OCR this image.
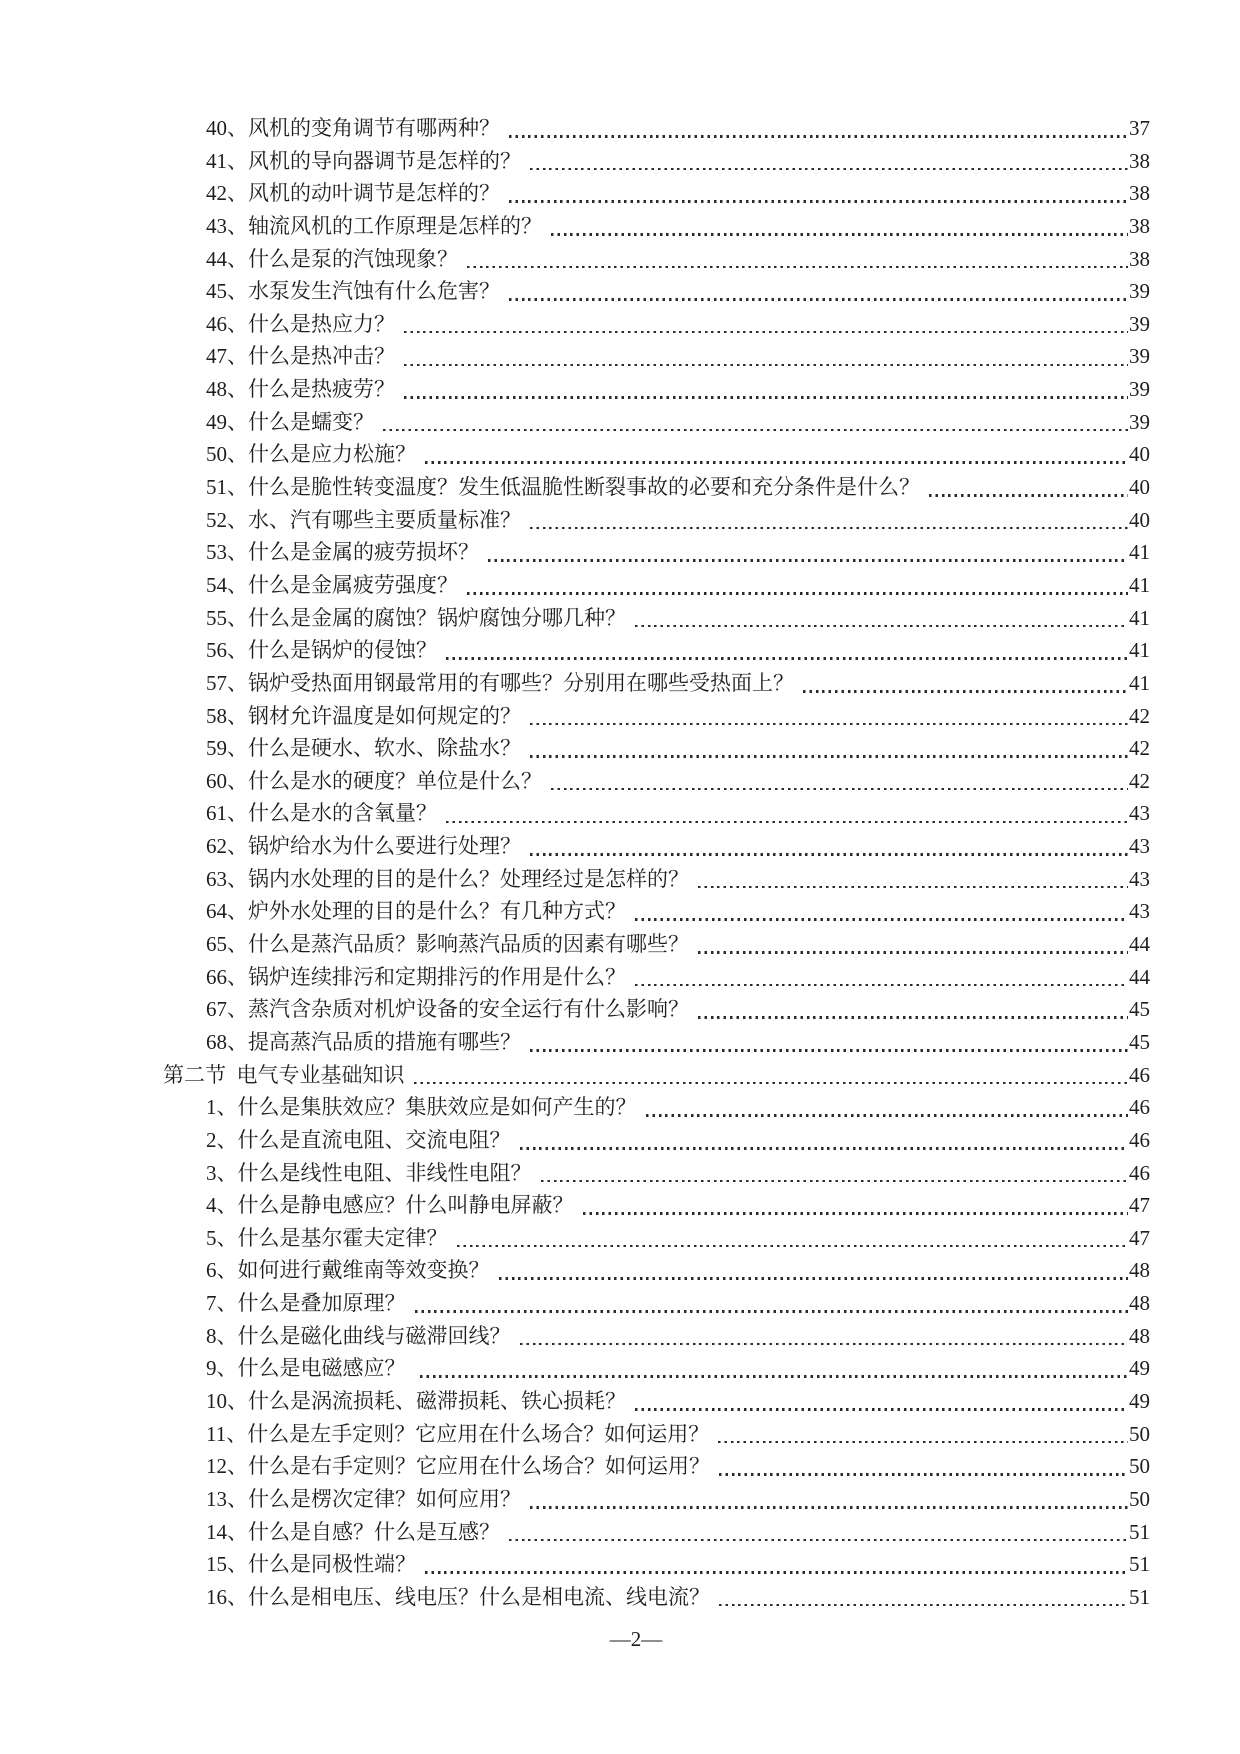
40、风机的变角调节有哪两种？	37
41、风机的导向器调节是怎样的？	38
42、风机的动叶调节是怎样的？	38
43、轴流风机的工作原理是怎样的？	38
44、什么是泵的汽蚀现象？	38
45、水泵发生汽蚀有什么危害？	39
46、什么是热应力？	39
47、什么是热冲击？	39
48、什么是热疲劳？	39
49、什么是蠕变？	39
50、什么是应力松施？	40
51、什么是脆性转变温度？发生低温脆性断裂事故的必要和充分条件是什么？	40
52、水、汽有哪些主要质量标准？	40
53、什么是金属的疲劳损坏？	41
54、什么是金属疲劳强度？	41
55、什么是金属的腐蚀？锅炉腐蚀分哪几种？	41
56、什么是锅炉的侵蚀？	41
57、锅炉受热面用钢最常用的有哪些？分别用在哪些受热面上？	41
58、钢材允许温度是如何规定的？	42
59、什么是硬水、软水、除盐水？	42
60、什么是水的硬度？单位是什么？	42
61、什么是水的含氧量？	43
62、锅炉给水为什么要进行处理？	43
63、锅内水处理的目的是什么？处理经过是怎样的？	43
64、炉外水处理的目的是什么？有几种方式？	43
65、什么是蒸汽品质？影响蒸汽品质的因素有哪些？	44
66、锅炉连续排污和定期排污的作用是什么？	44
67、蒸汽含杂质对机炉设备的安全运行有什么影响？	45
68、提高蒸汽品质的措施有哪些？	45
第二节  电气专业基础知识	46
1、什么是集肤效应？集肤效应是如何产生的？	46
2、什么是直流电阻、交流电阻？	46
3、什么是线性电阻、非线性电阻？	46
4、什么是静电感应？什么叫静电屏蔽？	47
5、什么是基尔霍夫定律？	47
6、如何进行戴维南等效变换？	48
7、什么是叠加原理？	48
8、什么是磁化曲线与磁滞回线？	48
9、什么是电磁感应？	49
10、什么是涡流损耗、磁滞损耗、铁心损耗？	49
11、什么是左手定则？它应用在什么场合？如何运用？	50
12、什么是右手定则？它应用在什么场合？如何运用？	50
13、什么是楞次定律？如何应用？	50
14、什么是自感？什么是互感？	51
15、什么是同极性端？	51
16、什么是相电压、线电压？什么是相电流、线电流？	51
—2—
